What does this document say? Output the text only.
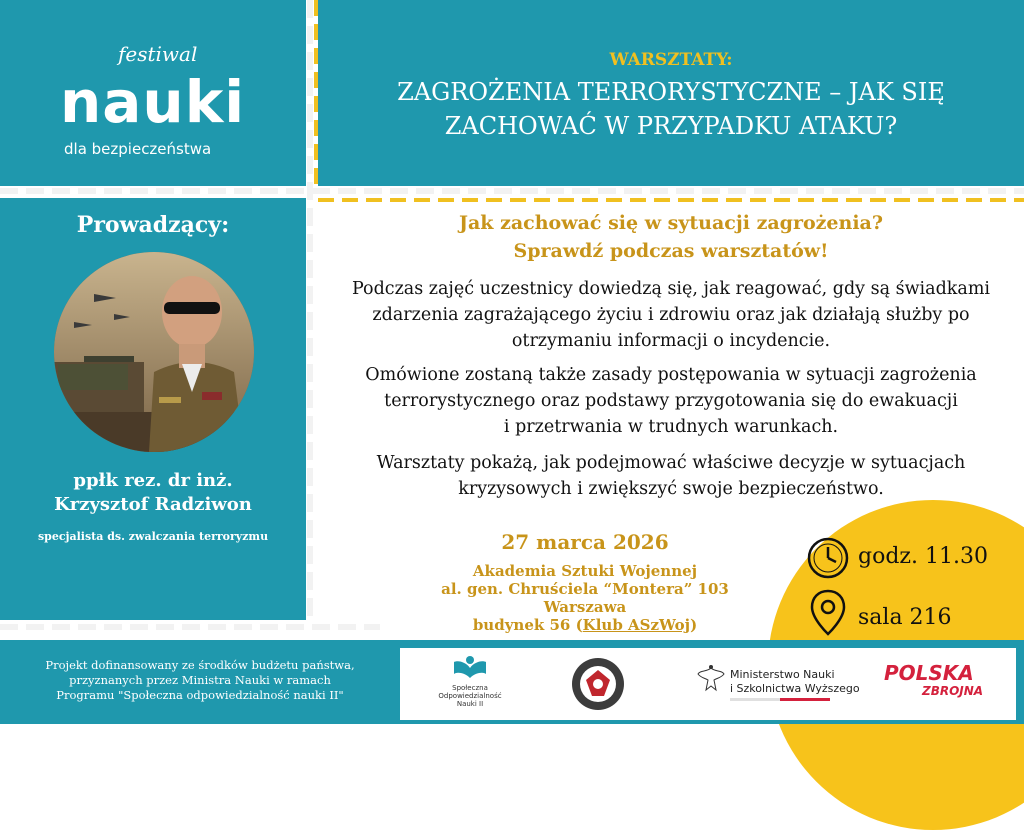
festiwal
nauki
dla bezpieczeństwa
WARSZTATY:
ZAGROŻENIA TERRORYSTYCZNE – JAK SIĘ
ZACHOWAĆ W PRZYPADKU ATAKU?
Prowadzący:
ppłk rez. dr inż.
Krzysztof Radziwon
specjalista ds. zwalczania terroryzmu
Jak zachować się w sytuacji zagrożenia?
Sprawdź podczas warsztatów!
Podczas zajęć uczestnicy dowiedzą się, jak reagować, gdy są świadkami
zdarzenia zagrażającego życiu i zdrowiu oraz jak działają służby po
otrzymaniu informacji o incydencie.
Omówione zostaną także zasady postępowania w sytuacji zagrożenia
terrorystycznego oraz podstawy przygotowania się do ewakuacji
i przetrwania w trudnych warunkach.
Warsztaty pokażą, jak podejmować właściwe decyzje w sytuacjach
kryzysowych i zwiększyć swoje bezpieczeństwo.
27 marca 2026
Akademia Sztuki Wojennej
al. gen. Chruściela “Montera” 103
Warszawa
budynek 56 (Klub ASzWoj)
godz. 11.30
sala 216
Projekt dofinansowany ze środków budżetu państwa,
przyznanych przez Ministra Nauki w ramach
Programu "Społeczna odpowiedzialność nauki II"	Społeczna
Odpowiedzialność
Nauki II
Ministerstwo Nauki
i Szkolnictwa Wyższego
POLSKA
ZBROJNA
